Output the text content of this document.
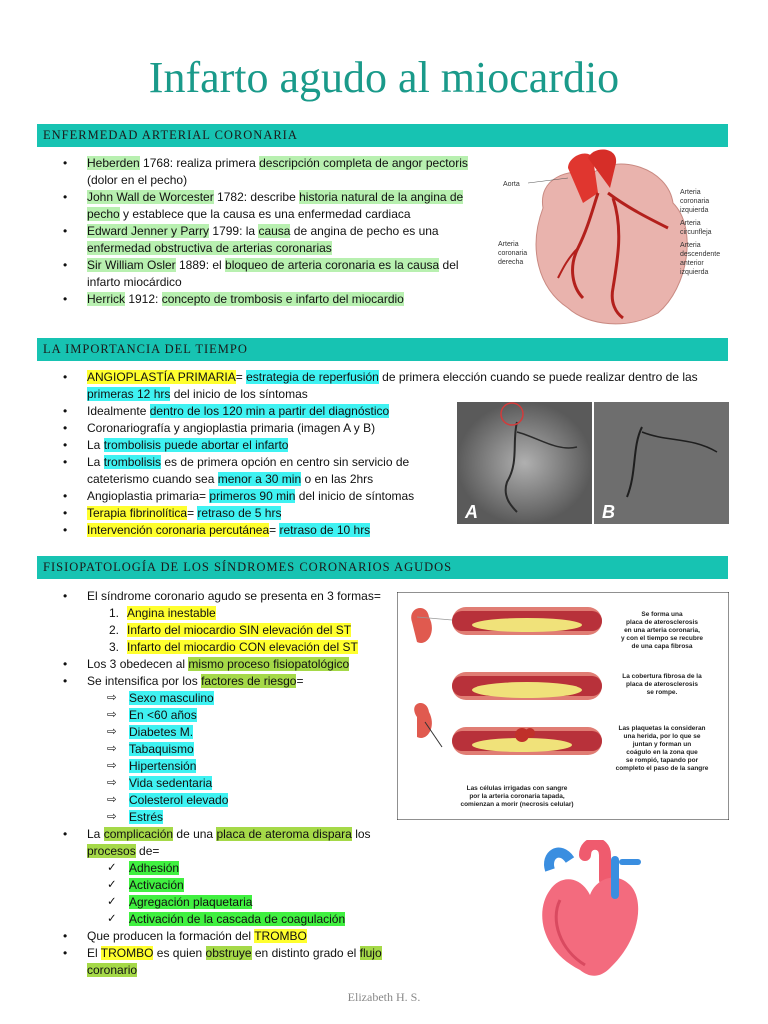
Infarto agudo al miocardio
ENFERMEDAD ARTERIAL CORONARIA
• Heberden 1768: realiza primera descripción completa de angor pectoris (dolor en el pecho)
• John Wall de Worcester 1782: describe historia natural de la angina de pecho y establece que la causa es una enfermedad cardiaca
• Edward Jenner y Parry 1799: la causa de angina de pecho es una enfermedad obstructiva de arterias coronarias
• Sir William Osler 1889: el bloqueo de arteria coronaria es la causa del infarto miocárdico
• Herrick 1912: concepto de trombosis e infarto del miocardio
Aorta
Arteria
coronaria
izquierda
Arteria
circunfleja
Arteria
descendente
anterior
izquierda
Arteria
coronaria
derecha
LA IMPORTANCIA DEL TIEMPO
• ANGIOPLASTÍA PRIMARIA= estrategia de reperfusión de primera elección cuando se puede realizar dentro de las primeras 12 hrs del inicio de los síntomas
• Idealmente dentro de los 120 min a partir del diagnóstico
• Coronariografía y angioplastia primaria (imagen A y B)
• La trombolisis puede abortar el infarto
• La trombolisis es de primera opción en centro sin servicio de cateterismo cuando sea menor a 30 min o en las 2hrs
• Angioplastia primaria= primeros 90 min del inicio de síntomas
• Terapia fibrinolítica= retraso de 5 hrs
• Intervención coronaria percutánea= retraso de 10 hrs
A	B
FISIOPATOLOGÍA DE LOS SÍNDROMES CORONARIOS AGUDOS
• El síndrome coronario agudo se presenta en 3 formas=
1. Angina inestable
2. Infarto del miocardio SIN elevación del ST
3. Infarto del miocardio CON elevación del ST
• Los 3 obedecen al mismo proceso fisiopatológico
• Se intensifica por los factores de riesgo=
⇨ Sexo masculino
⇨ En <60 años
⇨ Diabetes M.
⇨ Tabaquismo
⇨ Hipertensión
⇨ Vida sedentaria
⇨ Colesterol elevado
⇨ Estrés
• La complicación de una placa de ateroma dispara los procesos de=
✓ Adhesión
✓ Activación
✓ Agregación plaquetaria
✓ Activación de la cascada de coagulación
• Que producen la formación del TROMBO
• El TROMBO es quien obstruye en distinto grado el flujo coronario
Se forma una
placa de aterosclerosis
en una arteria coronaria,
y con el tiempo se recubre
de una capa fibrosa
La cobertura fibrosa de la
placa de aterosclerosis
se rompe.
Las plaquetas la consideran
una herida, por lo que se
juntan y forman un
coágulo en la zona que
se rompió, tapando por
completo el paso de la sangre
Las células irrigadas con sangre
por la arteria coronaria tapada,
comienzan a morir (necrosis celular)
Elizabeth H. S.
